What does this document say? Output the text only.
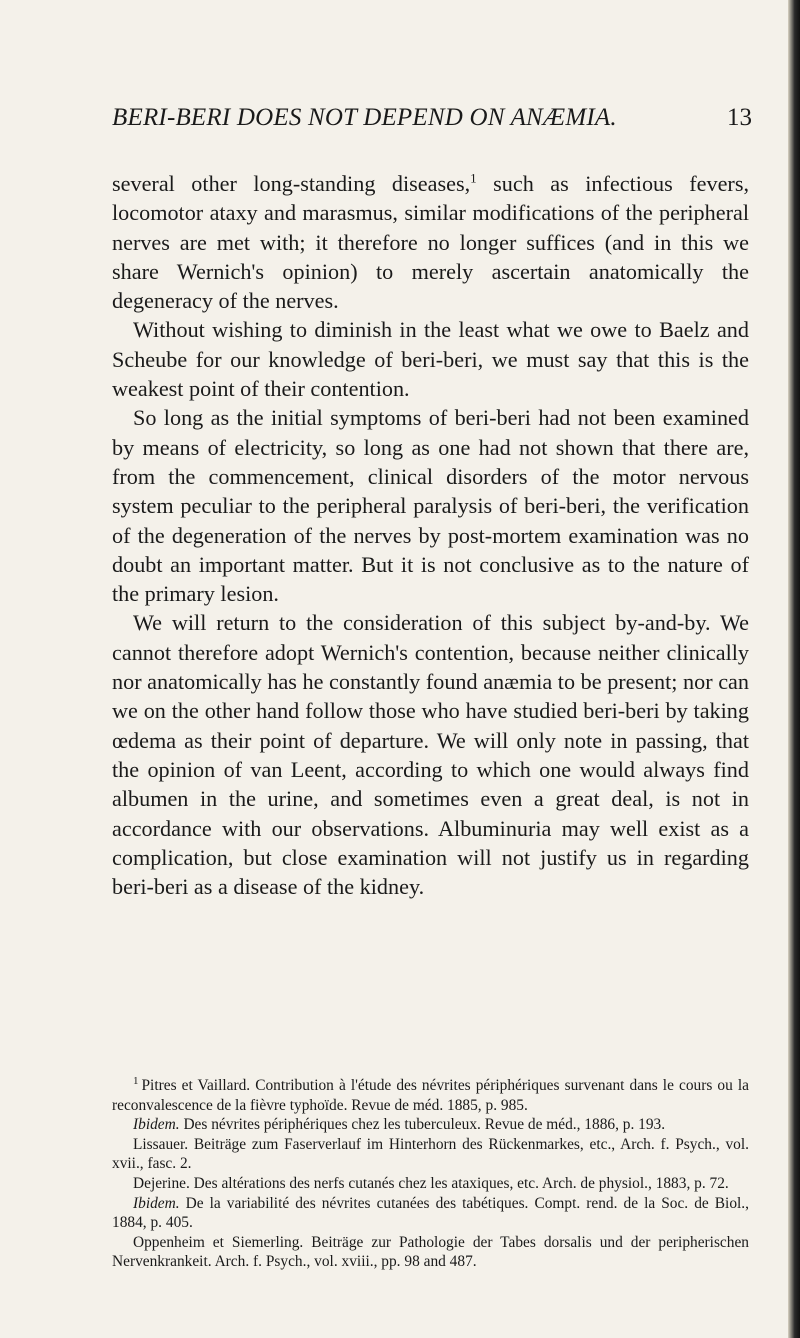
BERI-BERI DOES NOT DEPEND ON ANÆMIA.	13

several other long-standing diseases,$^1$ such as infectious fevers, locomotor ataxy and marasmus, similar modifications of the peripheral nerves are met with; it therefore no longer suffices (and in this we share Wernich's opinion) to merely ascertain anatomically the degeneracy of the nerves.

Without wishing to diminish in the least what we owe to Baelz and Scheube for our knowledge of beri-beri, we must say that this is the weakest point of their contention.

So long as the initial symptoms of beri-beri had not been examined by means of electricity, so long as one had not shown that there are, from the commencement, clinical disorders of the motor nervous system peculiar to the peripheral paralysis of beri-beri, the verification of the degeneration of the nerves by post-mortem examination was no doubt an important matter. But it is not conclusive as to the nature of the primary lesion.

We will return to the consideration of this subject by-and-by. We cannot therefore adopt Wernich's contention, because neither clinically nor anatomically has he constantly found anæmia to be present; nor can we on the other hand follow those who have studied beri-beri by taking œdema as their point of departure. We will only note in passing, that the opinion of van Leent, according to which one would always find albumen in the urine, and sometimes even a great deal, is not in accordance with our observations. Albuminuria may well exist as a complication, but close examination will not justify us in regarding beri-beri as a disease of the kidney.

$^1$ Pitres et Vaillard. Contribution à l'étude des névrites périphériques survenant dans le cours ou la reconvalescence de la fièvre typhoïde. Revue de méd. 1885, p. 985.

Ibidem. Des névrites périphériques chez les tuberculeux. Revue de méd., 1886, p. 193.

Lissauer. Beiträge zum Faserverlauf im Hinterhorn des Rückenmarkes, etc., Arch. f. Psych., vol. xvii., fasc. 2.

Dejerine. Des altérations des nerfs cutanés chez les ataxiques, etc. Arch. de physiol., 1883, p. 72.

Ibidem. De la variabilité des névrites cutanées des tabétiques. Compt. rend. de la Soc. de Biol., 1884, p. 405.

Oppenheim et Siemerling. Beiträge zur Pathologie der Tabes dorsalis und der peripherischen Nervenkrankeit. Arch. f. Psych., vol. xviii., pp. 98 and 487.
